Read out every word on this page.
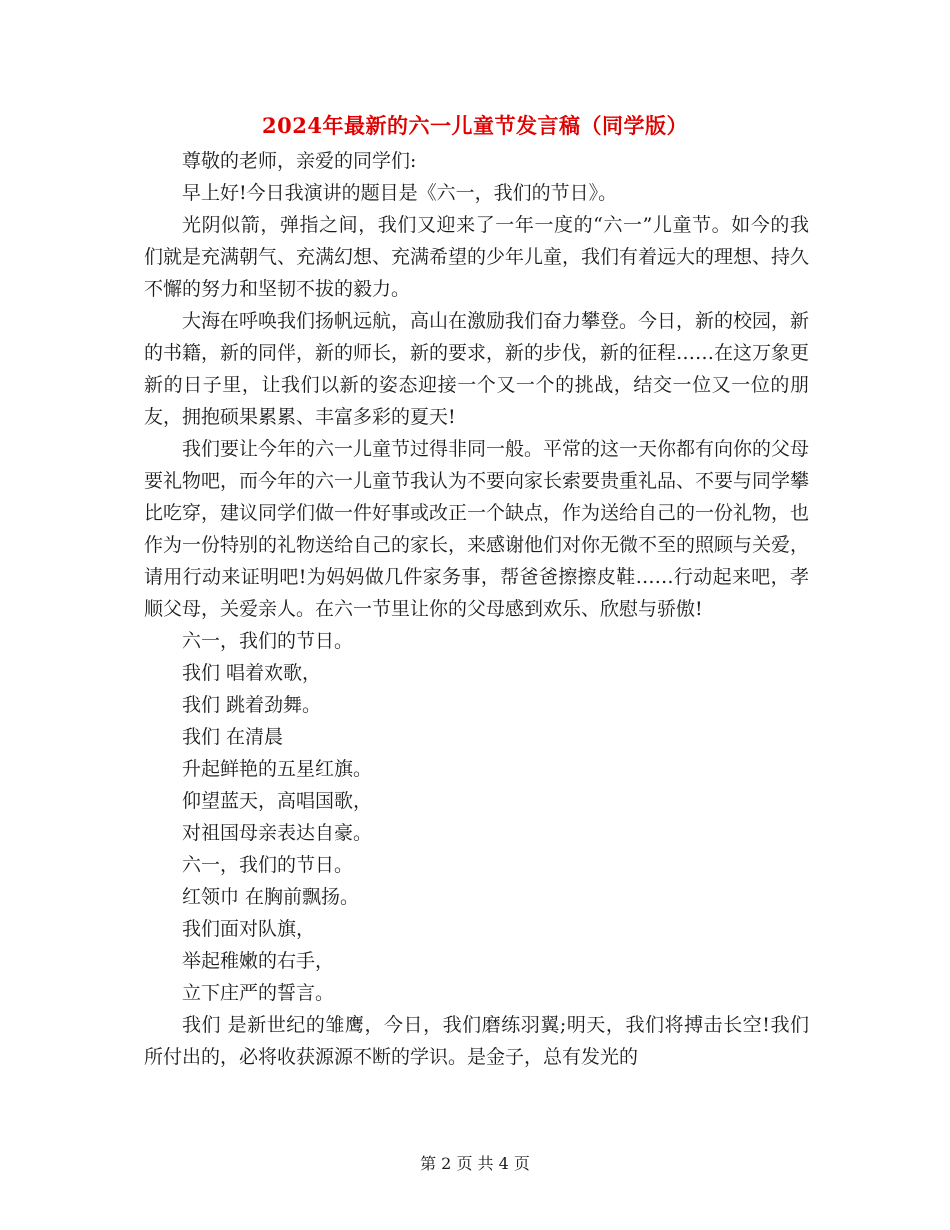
2024年最新的六一儿童节发言稿（同学版）

尊敬的老师，亲爱的同学们:

早上好!今日我演讲的题目是《六一，我们的节日》。

光阴似箭，弹指之间，我们又迎来了一年一度的“六一”儿童节。如今的我们就是充满朝气、充满幻想、充满希望的少年儿童，我们有着远大的理想、持久不懈的努力和坚韧不拔的毅力。

大海在呼唤我们扬帆远航，高山在激励我们奋力攀登。今日，新的校园，新的书籍，新的同伴，新的师长，新的要求，新的步伐，新的征程……在这万象更新的日子里，让我们以新的姿态迎接一个又一个的挑战，结交一位又一位的朋友，拥抱硕果累累、丰富多彩的夏天!

我们要让今年的六一儿童节过得非同一般。平常的这一天你都有向你的父母要礼物吧，而今年的六一儿童节我认为不要向家长索要贵重礼品、不要与同学攀比吃穿，建议同学们做一件好事或改正一个缺点，作为送给自己的一份礼物，也作为一份特别的礼物送给自己的家长，来感谢他们对你无微不至的照顾与关爱，请用行动来证明吧!为妈妈做几件家务事，帮爸爸擦擦皮鞋……行动起来吧，孝顺父母，关爱亲人。在六一节里让你的父母感到欢乐、欣慰与骄傲!

六一，我们的节日。

我们 唱着欢歌，

我们 跳着劲舞。

我们 在清晨

升起鲜艳的五星红旗。

仰望蓝天，高唱国歌，

对祖国母亲表达自豪。

六一，我们的节日。

红领巾 在胸前飘扬。

我们面对队旗，

举起稚嫩的右手，

立下庄严的誓言。

我们 是新世纪的雏鹰，今日，我们磨练羽翼;明天，我们将搏击长空!我们所付出的，必将收获源源不断的学识。是金子，总有发光的

第 2 页 共 4 页
